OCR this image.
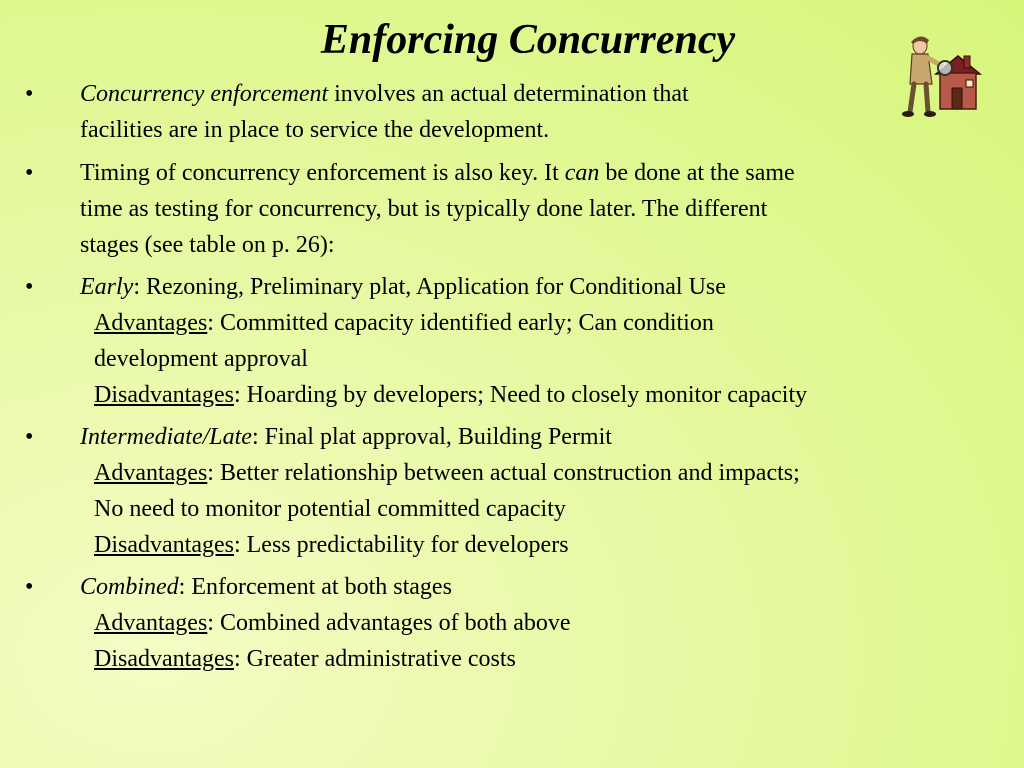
Enforcing Concurrency
• Concurrency enforcement involves an actual determination that
facilities are in place to service the development.
• Timing of concurrency enforcement is also key. It can be done at the same
time as testing for concurrency, but is typically done later. The different
stages (see table on p. 26):
• Early: Rezoning, Preliminary plat, Application for Conditional Use
Advantages: Committed capacity identified early; Can condition
development approval
Disadvantages: Hoarding by developers; Need to closely monitor capacity
• Intermediate/Late: Final plat approval, Building Permit
Advantages: Better relationship between actual construction and impacts;
No need to monitor potential committed capacity
Disadvantages: Less predictability for developers
• Combined: Enforcement at both stages
Advantages: Combined advantages of both above
Disadvantages: Greater administrative costs
